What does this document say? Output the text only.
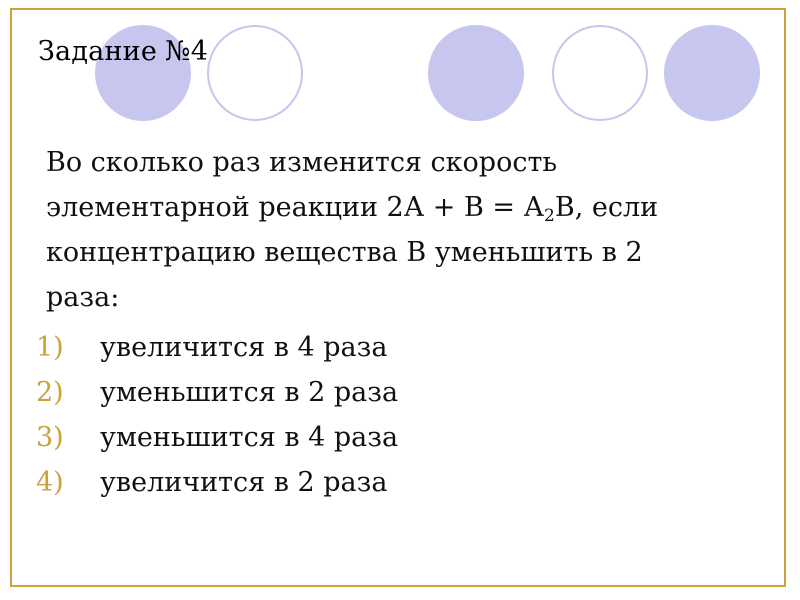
Задание №4
Во сколько раз изменится скорость
элементарной реакции $2А + В = А_2В$, если
концентрацию вещества В уменьшить в 2
раза:
1) увеличится в 4 раза
2) уменьшится в 2 раза
3) уменьшится в 4 раза
4) увеличится в 2 раза
